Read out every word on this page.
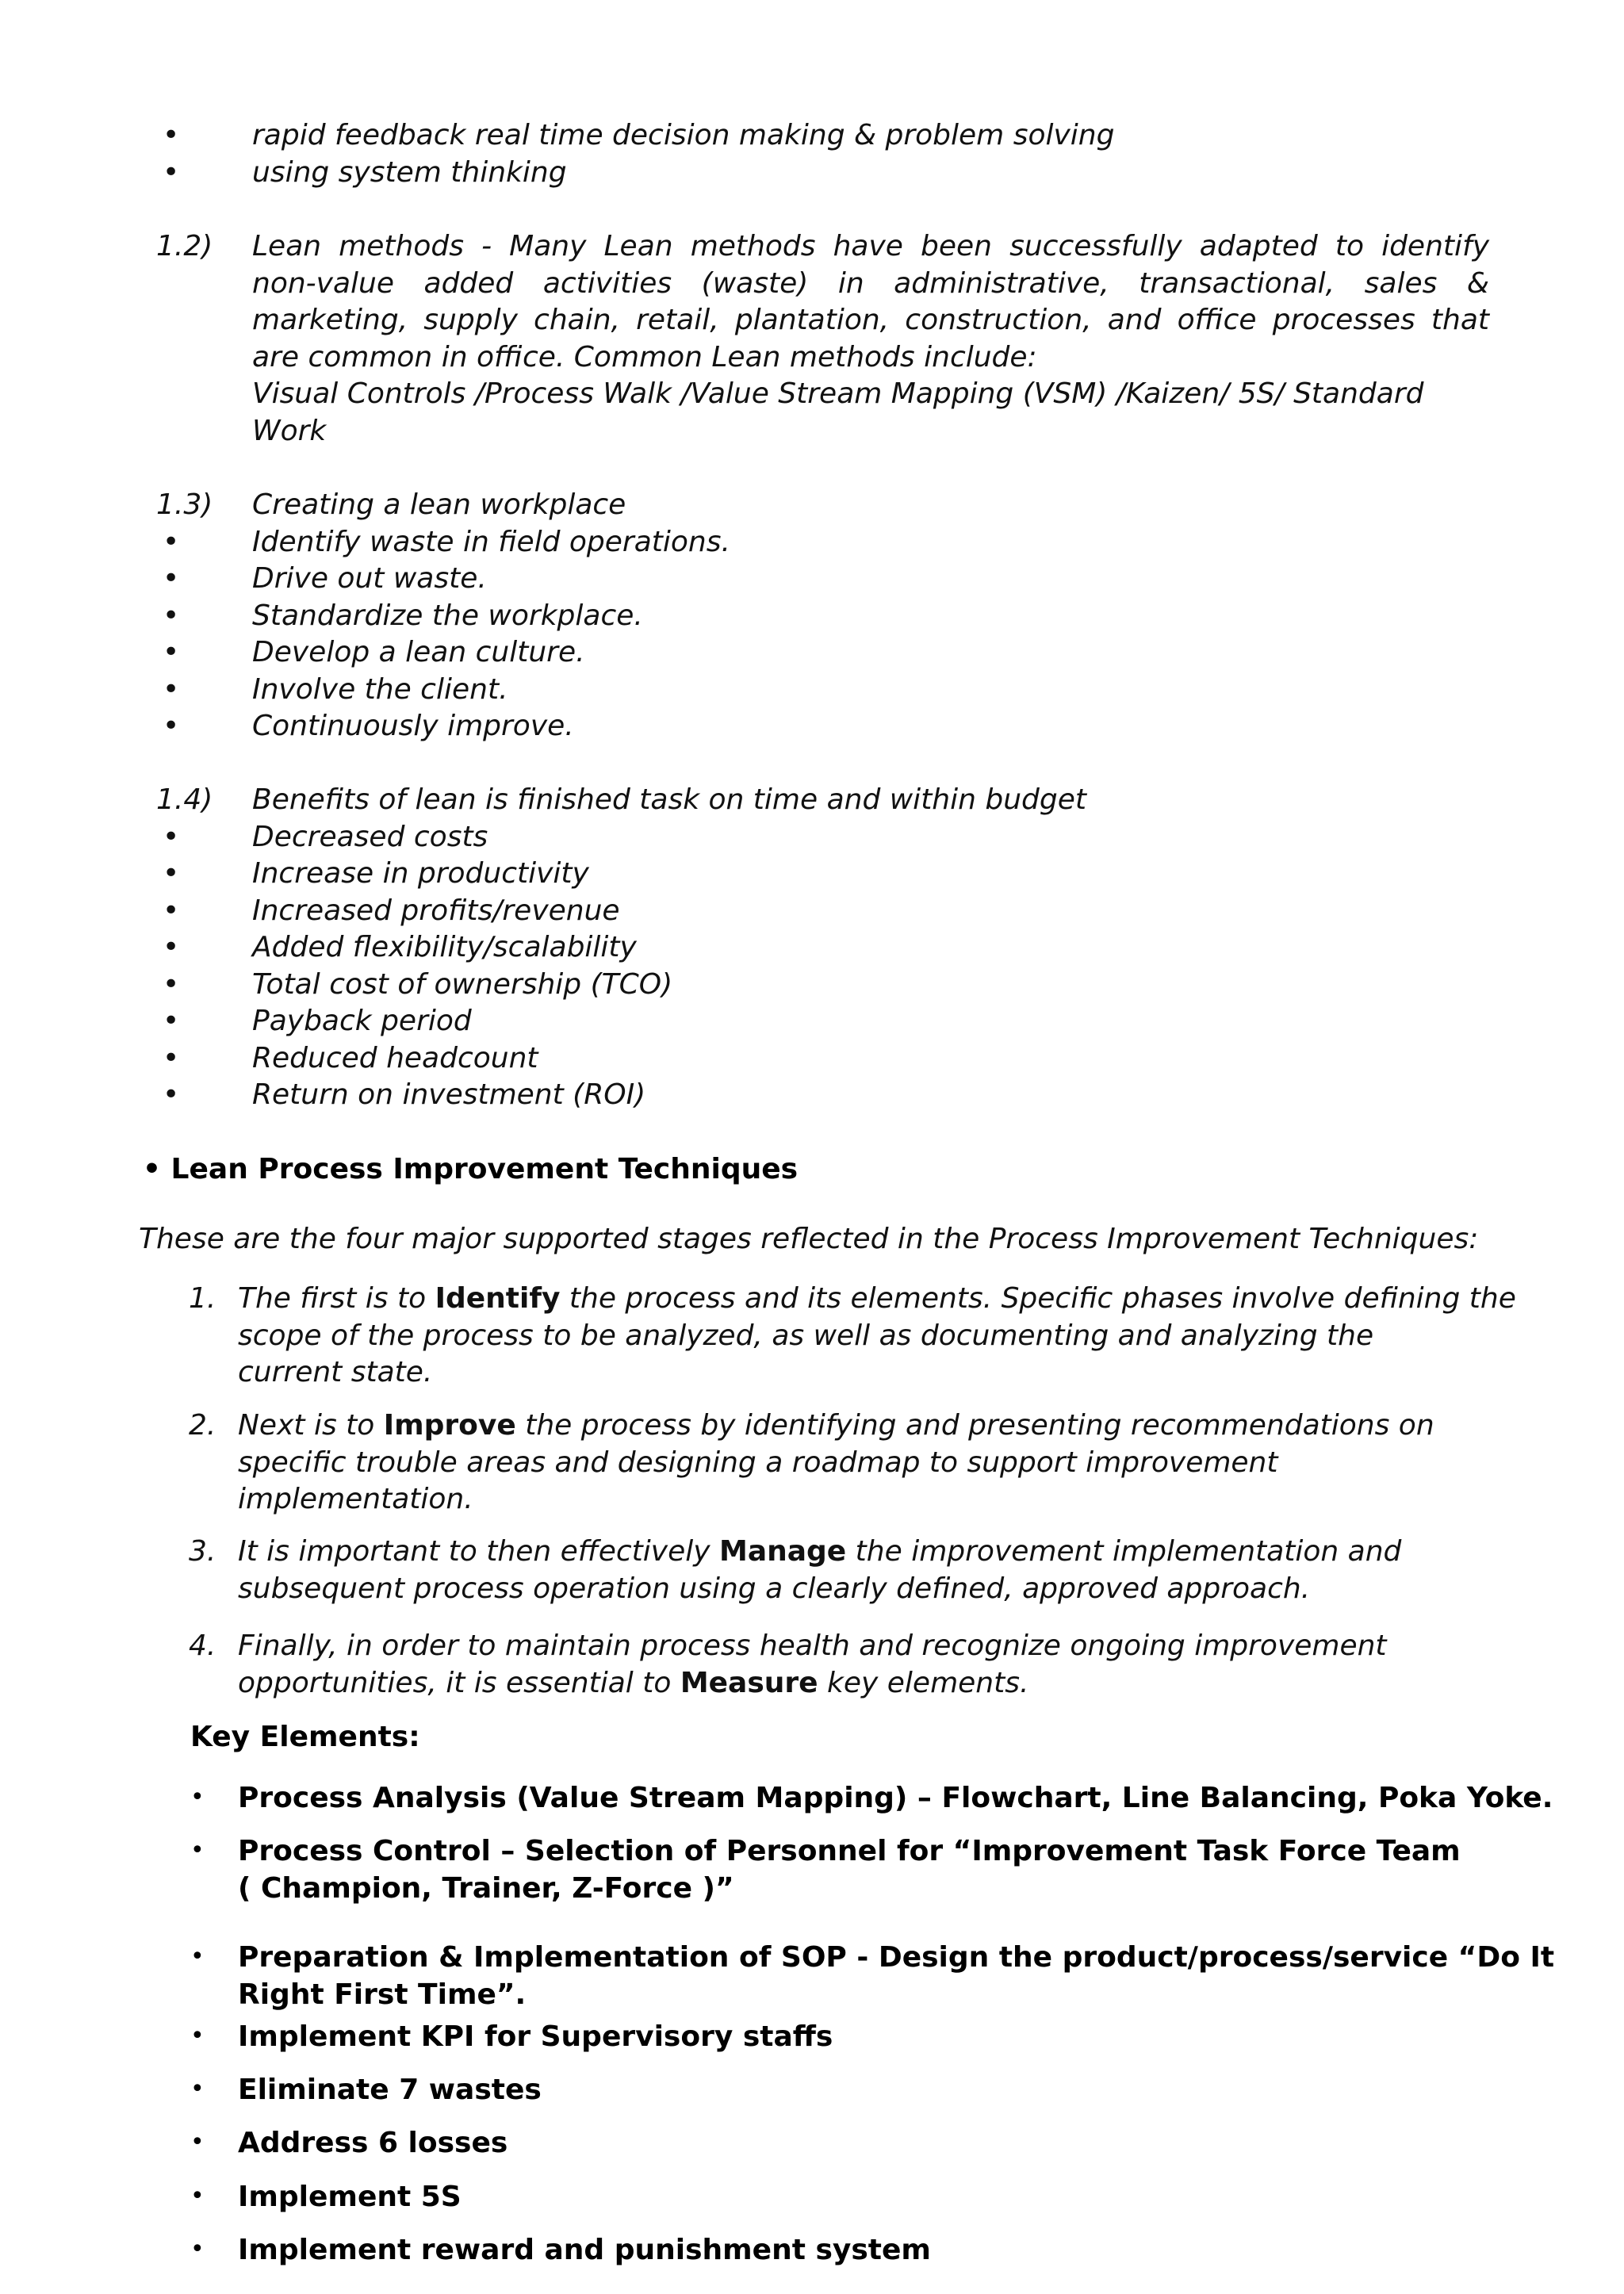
•	rapid feedback real time decision making & problem solving
•	using system thinking
1.2) Lean methods - Many Lean methods have been successfully adapted to identify
non-value added activities (waste) in administrative, transactional, sales &
marketing, supply chain, retail, plantation, construction, and office processes that
are common in office. Common Lean methods include:
Visual Controls /Process Walk /Value Stream Mapping (VSM) /Kaizen/ 5S/ Standard
Work
1.3) Creating a lean workplace
•	Identify waste in field operations.
•	Drive out waste.
•	Standardize the workplace.
•	Develop a lean culture.
•	Involve the client.
•	Continuously improve.
1.4) Benefits of lean is finished task on time and within budget
•	Decreased costs
•	Increase in productivity
•	Increased profits/revenue
•	Added flexibility/scalability
•	Total cost of ownership (TCO)
•	Payback period
•	Reduced headcount
•	Return on investment (ROI)
• Lean Process Improvement Techniques
These are the four major supported stages reflected in the Process Improvement Techniques:
1. The first is to Identify the process and its elements. Specific phases involve defining the
scope of the process to be analyzed, as well as documenting and analyzing the
current state.
2. Next is to Improve the process by identifying and presenting recommendations on
specific trouble areas and designing a roadmap to support improvement
implementation.
3. It is important to then effectively Manage the improvement implementation and
subsequent process operation using a clearly defined, approved approach.
4. Finally, in order to maintain process health and recognize ongoing improvement
opportunities, it is essential to Measure key elements.
Key Elements:
• Process Analysis (Value Stream Mapping) – Flowchart, Line Balancing, Poka Yoke.
• Process Control – Selection of Personnel for “Improvement Task Force Team
( Champion, Trainer, Z-Force )”
• Preparation & Implementation of SOP - Design the product/process/service “Do It
Right First Time”.
• Implement KPI for Supervisory staffs
• Eliminate 7 wastes
• Address 6 losses
• Implement 5S
• Implement reward and punishment system
